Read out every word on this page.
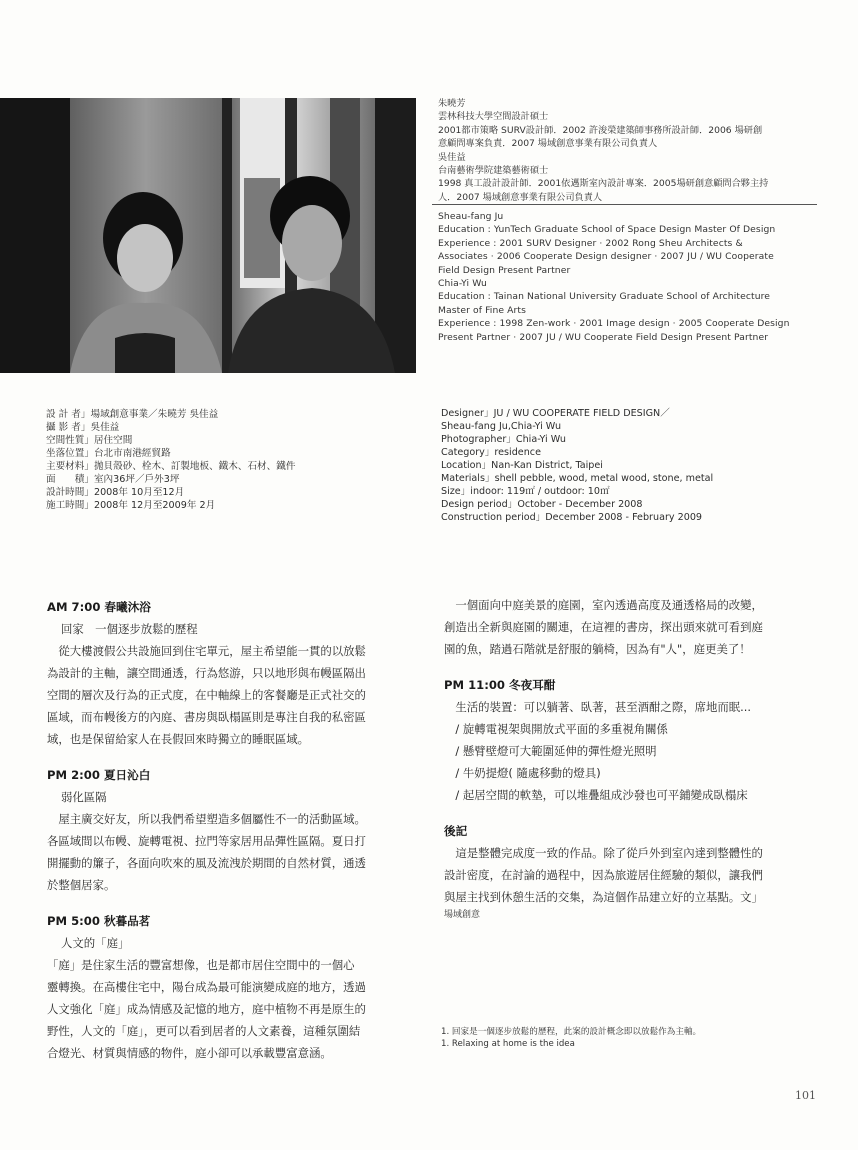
朱曉芳
雲林科技大學空間設計碩士
2001都市策略 SURV設計師．2002 許浚榮建築師事務所設計師．2006 場研創
意顧問專案負責．2007 場域創意事業有限公司負責人
吳佳益
台南藝術學院建築藝術碩士
1998 真工設計設計師．2001依邁斯室內設計專案．2005場研創意顧問合夥主持
人．2007 場域創意事業有限公司負責人
Sheau-fang Ju
Education : YunTech Graduate School of Space Design Master Of Design
Experience : 2001 SURV Designer · 2002 Rong Sheu Architects &
Associates · 2006 Cooperate Design designer · 2007 JU / WU Cooperate
Field Design Present Partner
Chia-Yi Wu
Education : Tainan National University Graduate School of Architecture
Master of Fine Arts
Experience : 1998 Zen-work · 2001 Image design · 2005 Cooperate Design
Present Partner · 2007 JU / WU Cooperate Field Design Present Partner
設 計 者」場域創意事業／朱曉芳 吳佳益
攝 影 者」吳佳益
空間性質」居住空間
坐落位置」台北市南港經貿路
主要材料」拋貝殼砂、栓木、訂製地板、鐵木、石材、鐵件
面　　積」室內36坪／戶外3坪
設計時間」2008年 10月至12月
施工時間」2008年 12月至2009年 2月
Designer」JU / WU COOPERATE FIELD DESIGN／
Sheau-fang Ju,Chia-Yi Wu
Photographer」Chia-Yi Wu
Category」residence
Location」Nan-Kan District, Taipei
Materials」shell pebble, wood, metal wood, stone, metal
Size」indoor: 119㎡ / outdoor: 10㎡
Design period」October - December 2008
Construction period」December 2008 - February 2009
AM 7:00 春曦沐浴
回家　一個逐步放鬆的歷程
　從大樓渡假公共設施回到住宅單元，屋主希望能一貫的以放鬆
為設計的主軸，讓空間通透，行為悠游，只以地形與布幔區隔出
空間的層次及行為的正式度，在中軸線上的客餐廳是正式社交的
區域，而布幔後方的內庭、書房與臥榻區則是專注自我的私密區
域，也是保留給家人在長假回來時獨立的睡眠區域。
PM 2:00 夏日沁白
弱化區隔
　屋主廣交好友，所以我們希望塑造多個屬性不一的活動區域。
各區域間以布幔、旋轉電視、拉門等家居用品彈性區隔。夏日打
開擺動的簾子，各面向吹來的風及流洩於期間的自然材質，通透
於整個居家。
PM 5:00 秋暮品茗
人文的「庭」
「庭」是住家生活的豐富想像，也是都市居住空間中的一個心
靈轉換。在高樓住宅中，陽台成為最可能演變成庭的地方，透過
人文強化「庭」成為情感及記憶的地方，庭中植物不再是原生的
野性，人文的「庭」，更可以看到居者的人文素養，這種氛圍結
合燈光、材質與情感的物件，庭小卻可以承載豐富意涵。
　一個面向中庭美景的庭園，室內透過高度及通透格局的改變，
創造出全新與庭園的關連，在這裡的書房，探出頭來就可看到庭
園的魚，踏過石階就是舒服的躺椅，因為有"人"，庭更美了！
PM 11:00 冬夜耳酣
　生活的裝置：可以躺著、臥著，甚至酒酣之際，席地而眠...
　/ 旋轉電視架與開放式平面的多重視角關係
　/ 懸臂壁燈可大範圍延伸的彈性燈光照明
　/ 牛奶提燈( 隨處移動的燈具)
　/ 起居空間的軟墊，可以堆疊組成沙發也可平鋪變成臥榻床
後記
　這是整體完成度一致的作品。除了從戶外到室內達到整體性的
設計密度，在討論的過程中，因為旅遊居住經驗的類似，讓我們
與屋主找到休憩生活的交集，為這個作品建立好的立基點。文」
場域創意
1. 回家是一個逐步放鬆的歷程，此案的設計概念即以放鬆作為主軸。
1. Relaxing at home is the idea
101
